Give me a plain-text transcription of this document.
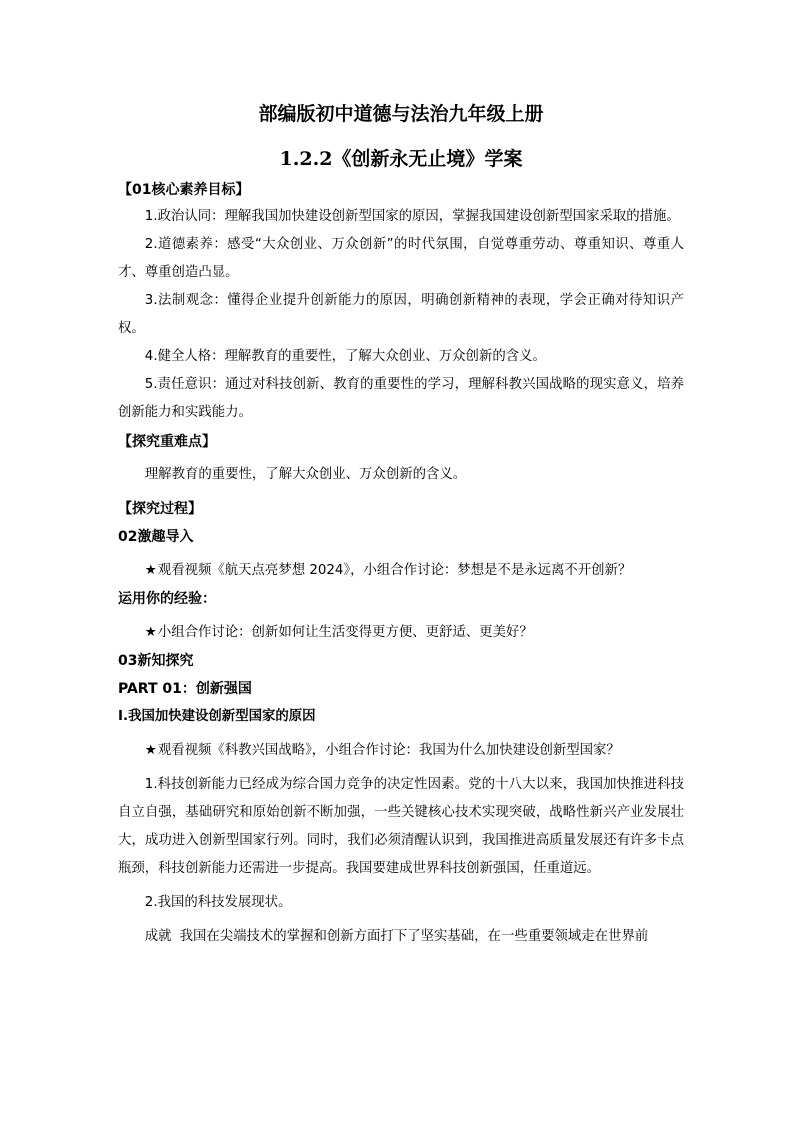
部编版初中道德与法治九年级上册
1.2.2《创新永无止境》学案

【01核心素养目标】

1.政治认同：理解我国加快建设创新型国家的原因，掌握我国建设创新型国家采取的措施。

2.道德素养：感受“大众创业、万众创新”的时代氛围，自觉尊重劳动、尊重知识、尊重人才、尊重创造凸显。

3.法制观念：懂得企业提升创新能力的原因，明确创新精神的表现，学会正确对待知识产权。

4.健全人格：理解教育的重要性，了解大众创业、万众创新的含义。

5.责任意识：通过对科技创新、教育的重要性的学习，理解科教兴国战略的现实意义，培养创新能力和实践能力。

【探究重难点】

理解教育的重要性，了解大众创业、万众创新的含义。

【探究过程】

02激趣导入

★观看视频《航天点亮梦想 2024》，小组合作讨论：梦想是不是永远离不开创新？

运用你的经验：

★小组合作讨论：创新如何让生活变得更方便、更舒适、更美好？

03新知探究

PART 01：创新强国

Ⅰ.我国加快建设创新型国家的原因

★观看视频《科教兴国战略》，小组合作讨论：我国为什么加快建设创新型国家？

1.科技创新能力已经成为综合国力竞争的决定性因素。党的十八大以来，我国加快推进科技自立自强，基础研究和原始创新不断加强，一些关键核心技术实现突破，战略性新兴产业发展壮大，成功进入创新型国家行列。同时，我们必须清醒认识到，我国推进高质量发展还有许多卡点瓶颈，科技创新能力还需进一步提高。我国要建成世界科技创新强国，任重道远。

2.我国的科技发展现状。

成就 我国在尖端技术的掌握和创新方面打下了坚实基础，在一些重要领域走在世界前
